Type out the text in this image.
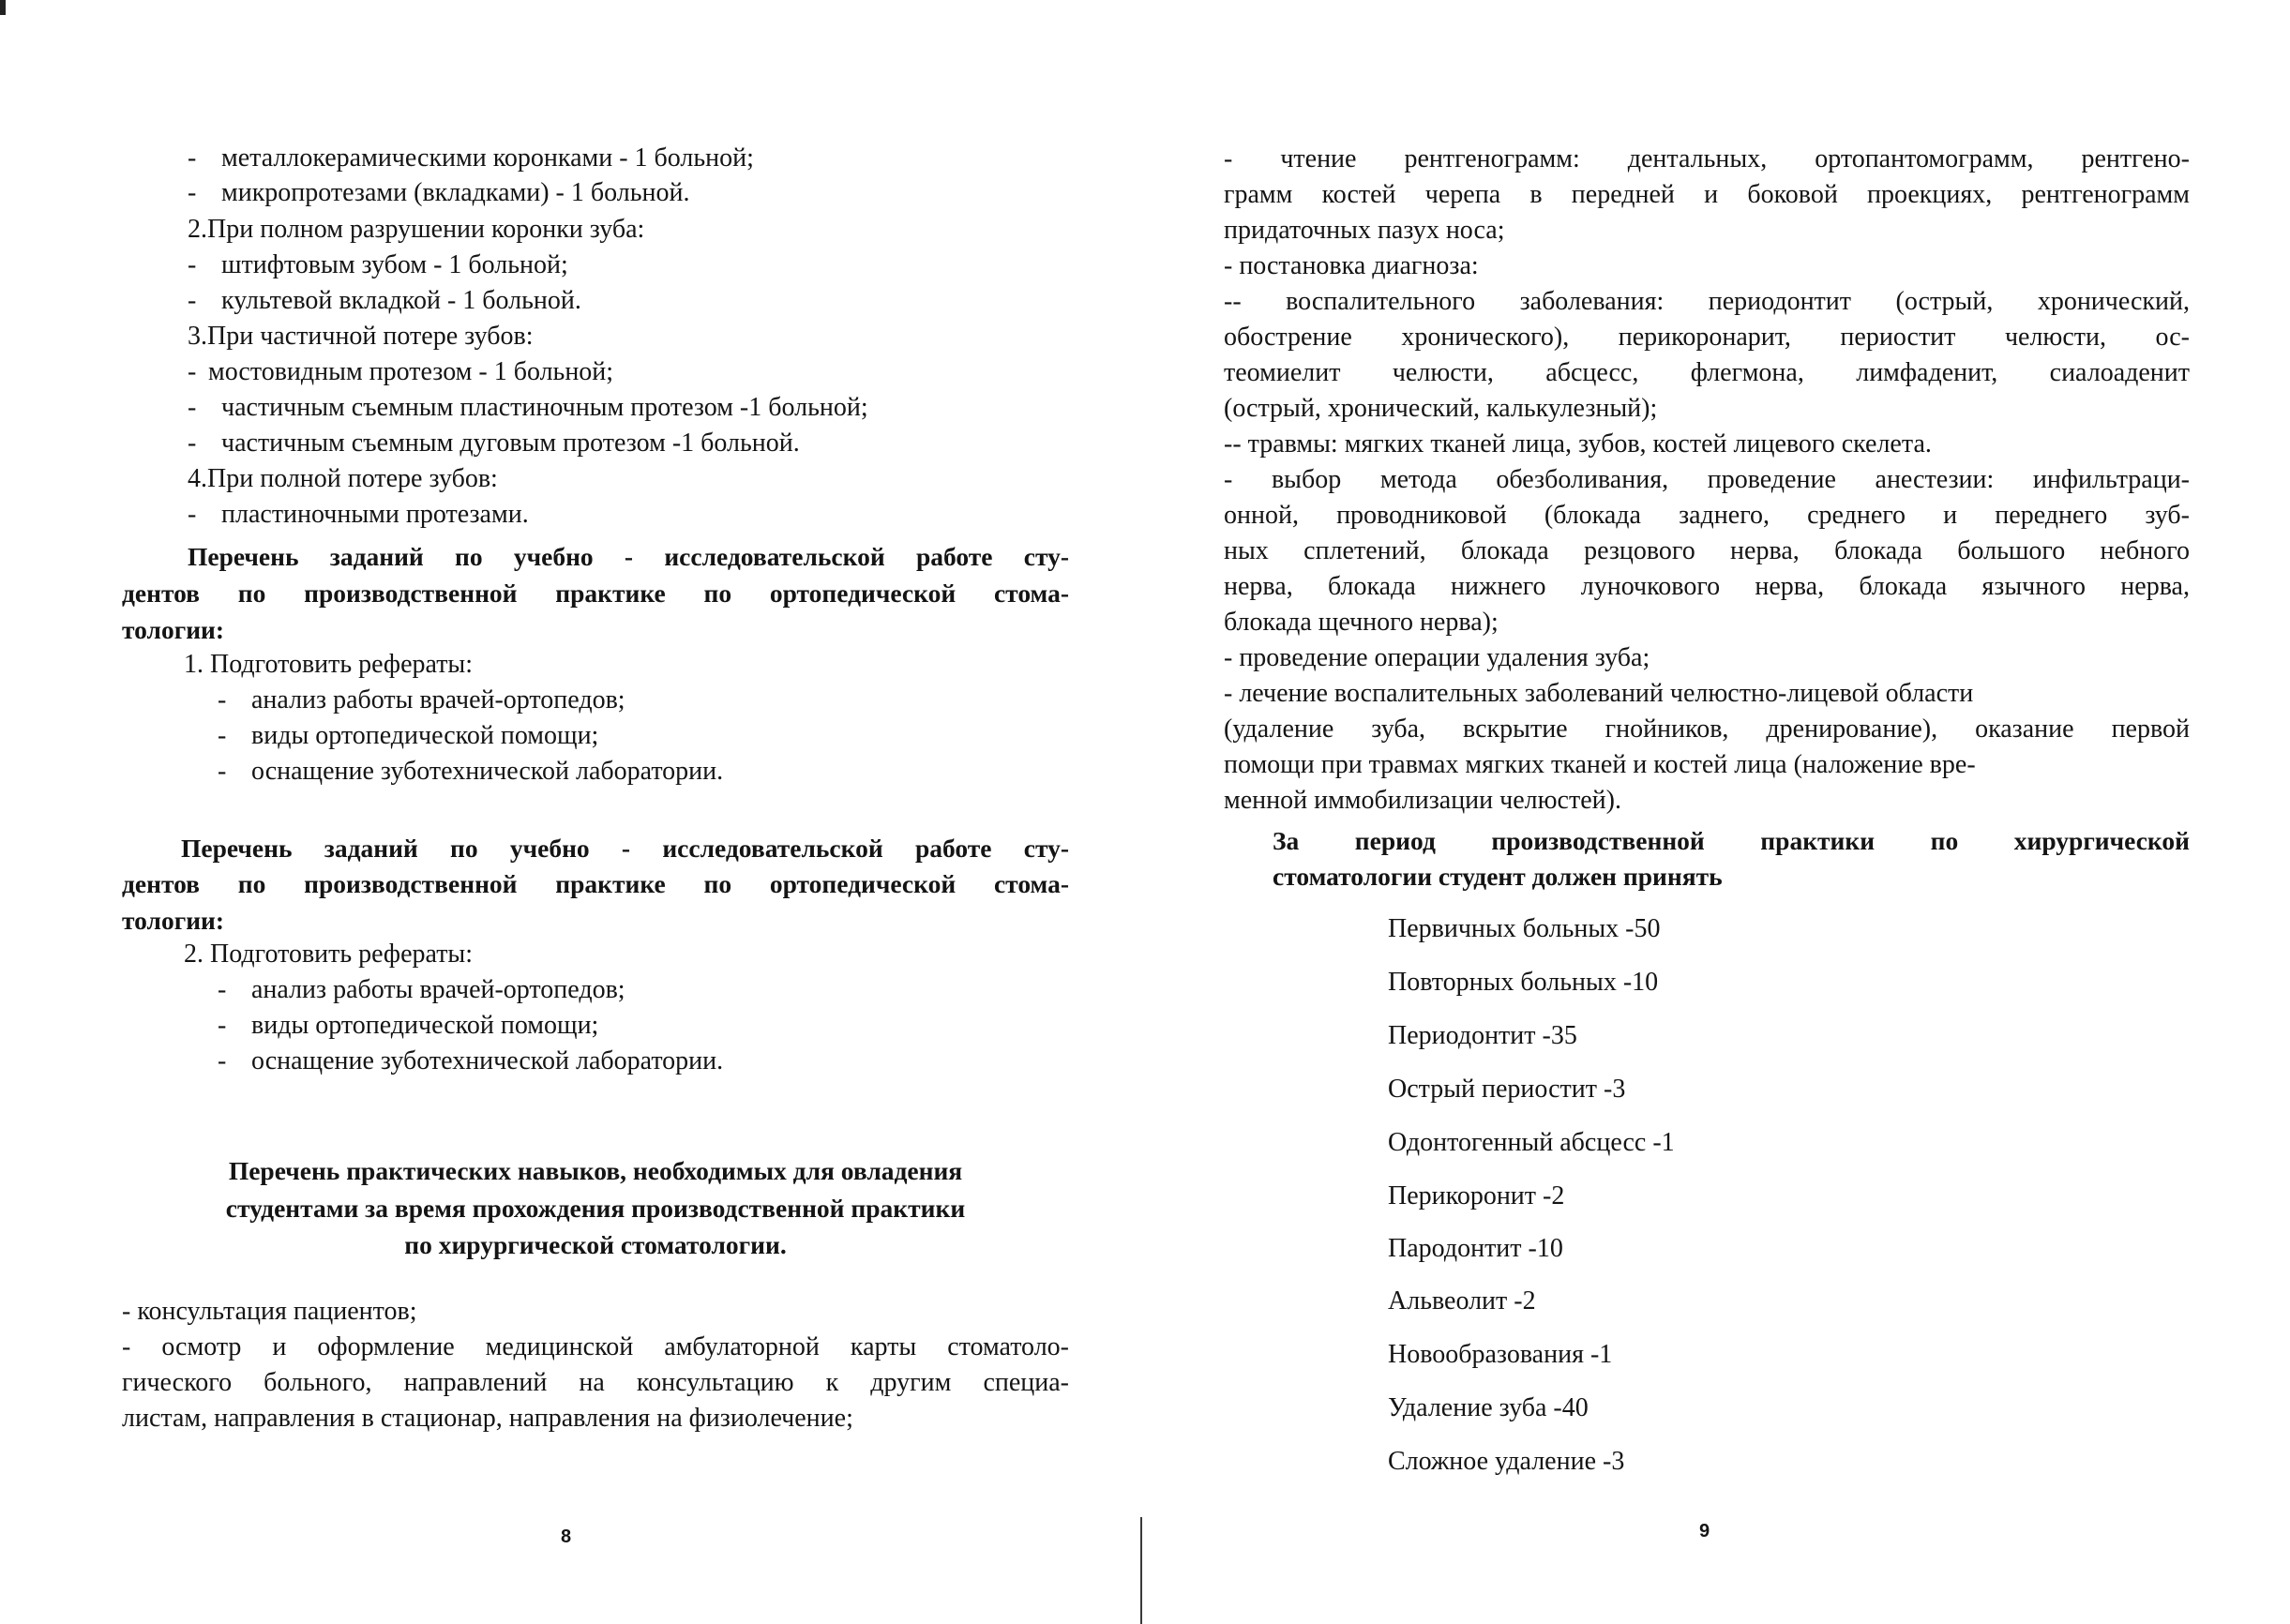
- металлокерамическими коронками - 1 больной;
- микропротезами (вкладками) - 1 больной.
2.При полном разрушении коронки зуба:
- штифтовым зубом - 1 больной;
- культевой вкладкой - 1 больной.
3.При частичной потере зубов:
- мостовидным протезом - 1 больной;
- частичным съемным пластиночным протезом -1 больной;
- частичным съемным дуговым протезом -1 больной.
4.При полной потере зубов:
- пластиночными протезами.
Перечень заданий по учебно - исследовательской работе сту-
дентов по производственной практике по ортопедической стома-
тологии:
1. Подготовить рефераты:
- анализ работы врачей-ортопедов;
- виды ортопедической помощи;
- оснащение зуботехнической лаборатории.
Перечень заданий по учебно - исследовательской работе сту-
дентов по производственной практике по ортопедической стома-
тологии:
2. Подготовить рефераты:
- анализ работы врачей-ортопедов;
- виды ортопедической помощи;
- оснащение зуботехнической лаборатории.
Перечень практических навыков, необходимых для овладения
студентами за время прохождения производственной практики
по хирургической стоматологии.
- консультация пациентов;
- осмотр и оформление медицинской амбулаторной карты стоматоло-
гического больного, направлений на консультацию к другим специа-
листам, направления в стационар, направления на физиолечение;
8
- чтение рентгенограмм: дентальных, ортопантомограмм, рентгено-
грамм костей черепа в передней и боковой проекциях, рентгенограмм
придаточных пазух носа;
- постановка диагноза:
-- воспалительного заболевания: периодонтит (острый, хронический,
обострение хронического), перикоронарит, периостит челюсти, ос-
теомиелит челюсти, абсцесс, флегмона, лимфаденит, сиалоаденит
(острый, хронический, калькулезный);
-- травмы: мягких тканей лица, зубов, костей лицевого скелета.
- выбор метода обезболивания, проведение анестезии: инфильтраци-
онной, проводниковой (блокада заднего, среднего и переднего зуб-
ных сплетений, блокада резцового нерва, блокада большого небного
нерва, блокада нижнего луночкового нерва, блокада язычного нерва,
блокада щечного нерва);
- проведение операции удаления зуба;
- лечение воспалительных заболеваний челюстно-лицевой области
(удаление зуба, вскрытие гнойников, дренирование), оказание первой
помощи при травмах мягких тканей и костей лица (наложение вре-
менной иммобилизации челюстей).
За период производственной практики по хирургической
стоматологии студент должен принять
9
Первичных больных -50
Повторных больных -10
Периодонтит -35
Острый периостит -3
Одонтогенный абсцесс -1
Перикоронит -2
Пародонтит -10
Альвеолит -2
Новообразования -1
Удаление зуба -40
Сложное удаление -3
